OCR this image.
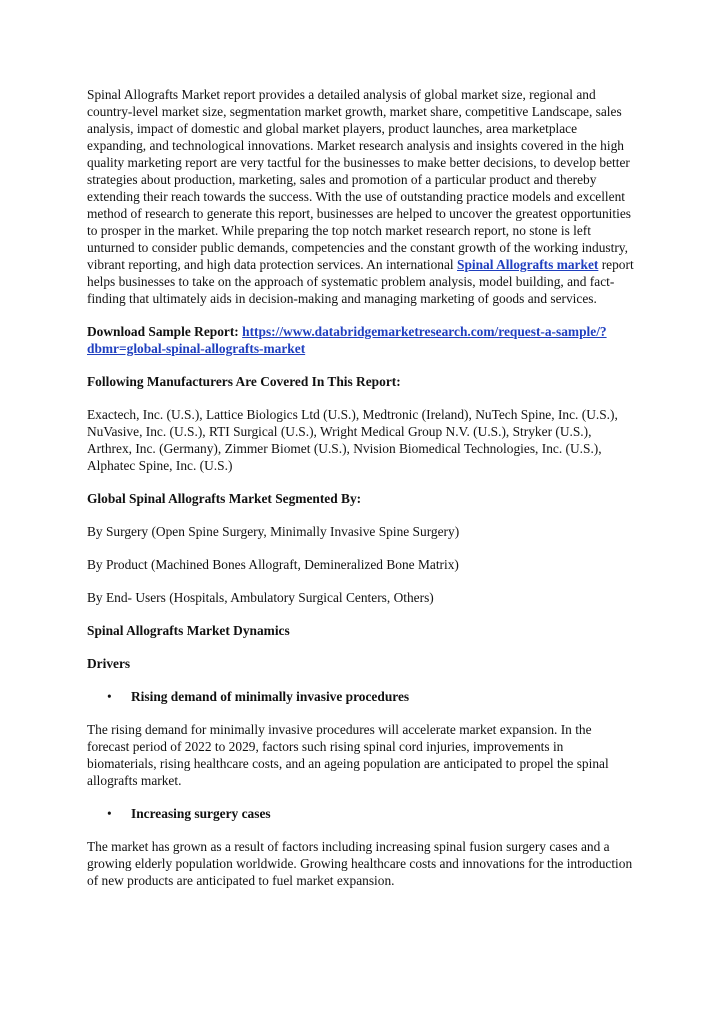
Spinal Allografts Market report provides a detailed analysis of global market size, regional and country-level market size, segmentation market growth, market share, competitive Landscape, sales analysis, impact of domestic and global market players, product launches, area marketplace expanding, and technological innovations. Market research analysis and insights covered in the high quality marketing report are very tactful for the businesses to make better decisions, to develop better strategies about production, marketing, sales and promotion of a particular product and thereby extending their reach towards the success. With the use of outstanding practice models and excellent method of research to generate this report, businesses are helped to uncover the greatest opportunities to prosper in the market. While preparing the top notch market research report, no stone is left unturned to consider public demands, competencies and the constant growth of the working industry, vibrant reporting, and high data protection services. An international Spinal Allografts market report helps businesses to take on the approach of systematic problem analysis, model building, and fact-finding that ultimately aids in decision-making and managing marketing of goods and services.

Download Sample Report: https://www.databridgemarketresearch.com/request-a-sample/?dbmr=global-spinal-allografts-market

Following Manufacturers Are Covered In This Report:

Exactech, Inc. (U.S.), Lattice Biologics Ltd (U.S.), Medtronic (Ireland), NuTech Spine, Inc. (U.S.), NuVasive, Inc. (U.S.), RTI Surgical (U.S.), Wright Medical Group N.V. (U.S.), Stryker (U.S.), Arthrex, Inc. (Germany), Zimmer Biomet (U.S.), Nvision Biomedical Technologies, Inc. (U.S.), Alphatec Spine, Inc. (U.S.)

Global Spinal Allografts Market Segmented By:

By Surgery (Open Spine Surgery, Minimally Invasive Spine Surgery)

By Product (Machined Bones Allograft, Demineralized Bone Matrix)

By End- Users (Hospitals, Ambulatory Surgical Centers, Others)

Spinal Allografts Market Dynamics

Drivers

• Rising demand of minimally invasive procedures

The rising demand for minimally invasive procedures will accelerate market expansion. In the forecast period of 2022 to 2029, factors such rising spinal cord injuries, improvements in biomaterials, rising healthcare costs, and an ageing population are anticipated to propel the spinal allografts market.

• Increasing surgery cases

The market has grown as a result of factors including increasing spinal fusion surgery cases and a growing elderly population worldwide. Growing healthcare costs and innovations for the introduction of new products are anticipated to fuel market expansion.
